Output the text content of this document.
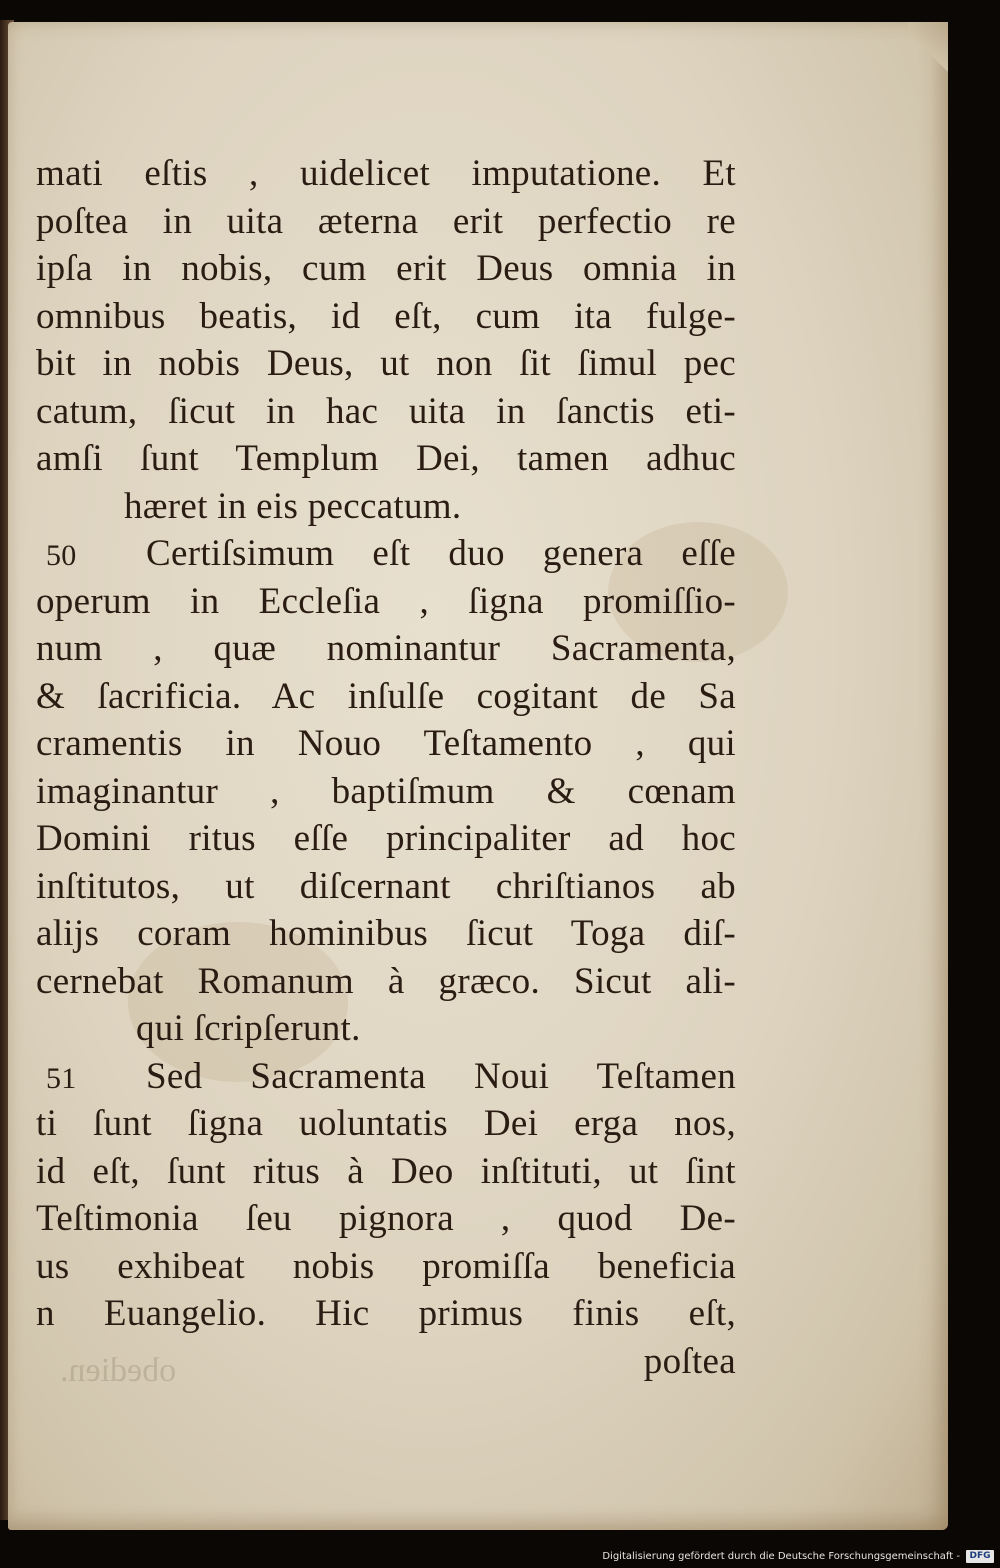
obedien.
mati eſtis , uidelicet imputatione. Et
poſtea in uita æterna erit perfectio re
ipſa in nobis, cum erit Deus omnia in
omnibus beatis, id eſt, cum ita fulge-
bit in nobis Deus, ut non ſit ſimul pec
catum, ſicut in hac uita in ſanctis eti-
amſi ſunt Templum Dei, tamen adhuc
hæret in eis peccatum.
50	Certiſsimum eſt duo genera eſſe
operum in Eccleſia , ſigna promiſſio-
num , quæ nominantur Sacramenta,
& ſacrificia. Ac inſulſe cogitant de Sa
cramentis in Nouo Teſtamento , qui
imaginantur , baptiſmum & cœnam
Domini ritus eſſe principaliter ad hoc
inſtitutos, ut diſcernant chriſtianos ab
alijs coram hominibus ſicut Toga diſ-
cernebat Romanum à græco. Sicut ali-
qui ſcripſerunt.
51	Sed Sacramenta Noui Teſtamen
ti ſunt ſigna uoluntatis Dei erga nos,
id eſt, ſunt ritus à Deo inſtituti, ut ſint
Teſtimonia ſeu pignora , quod De-
us exhibeat nobis promiſſa beneficia
n Euangelio. Hic primus finis eſt,
poſtea
Digitalisierung gefördert durch die Deutsche Forschungsgemeinschaft -	DFG
